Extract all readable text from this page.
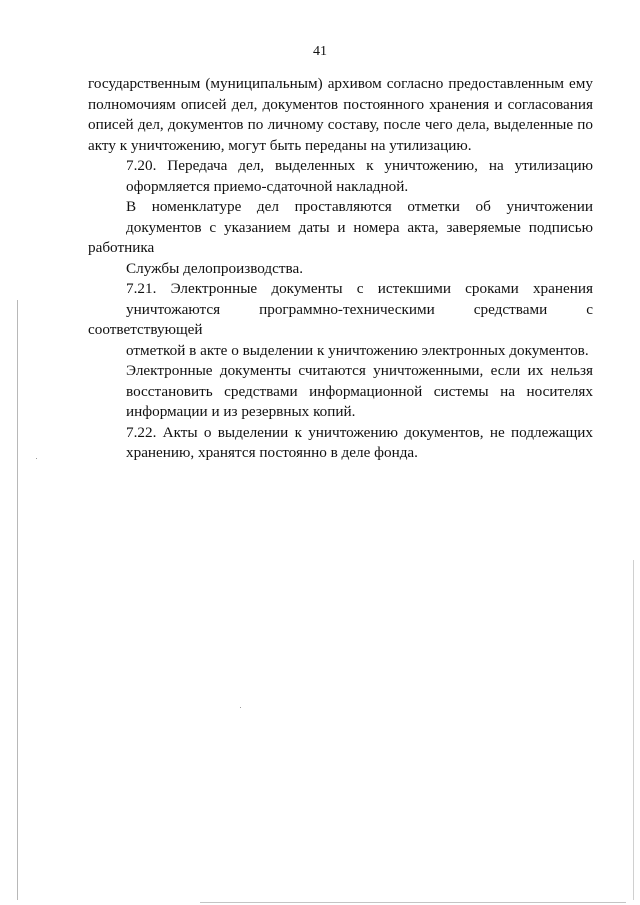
41

государственным (муниципальным) архивом согласно предоставленным ему
полномочиям описей дел, документов постоянного хранения и согласования
описей дел, документов по личному составу, после чего дела, выделенные по
акту к уничтожению, могут быть переданы на утилизацию.

7.20. Передача дел, выделенных к уничтожению, на утилизацию
оформляется приемо-сдаточной накладной.

В номенклатуре дел проставляются отметки об уничтожении
документов с указанием даты и номера акта, заверяемые подписью работника
Службы делопроизводства.

7.21. Электронные документы с истекшими сроками хранения
уничтожаются программно-техническими средствами с соответствующей
отметкой в акте о выделении к уничтожению электронных документов.

Электронные документы считаются уничтоженными, если их нельзя
восстановить средствами информационной системы на носителях
информации и из резервных копий.

7.22. Акты о выделении к уничтожению документов, не подлежащих
хранению, хранятся постоянно в деле фонда.
